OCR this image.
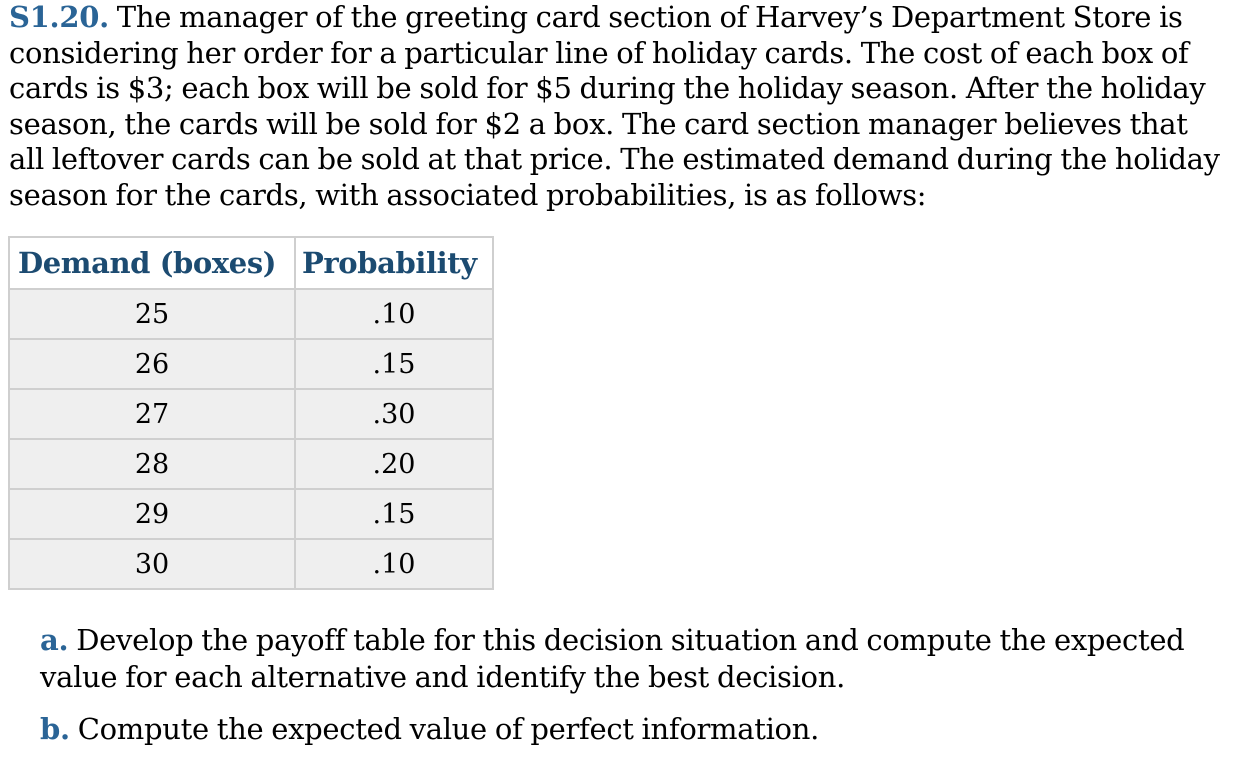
S1.20. The manager of the greeting card section of Harvey’s Department Store is considering her order for a particular line of holiday cards. The cost of each box of cards is $3; each box will be sold for $5 during the holiday season. After the holiday season, the cards will be sold for $2 a box. The card section manager believes that all leftover cards can be sold at that price. The estimated demand during the holiday season for the cards, with associated probabilities, is as follows:
Demand (boxes)	Probability
25	.10
26	.15
27	.30
28	.20
29	.15
30	.10

a. Develop the payoff table for this decision situation and compute the expected value for each alternative and identify the best decision.

b. Compute the expected value of perfect information.
